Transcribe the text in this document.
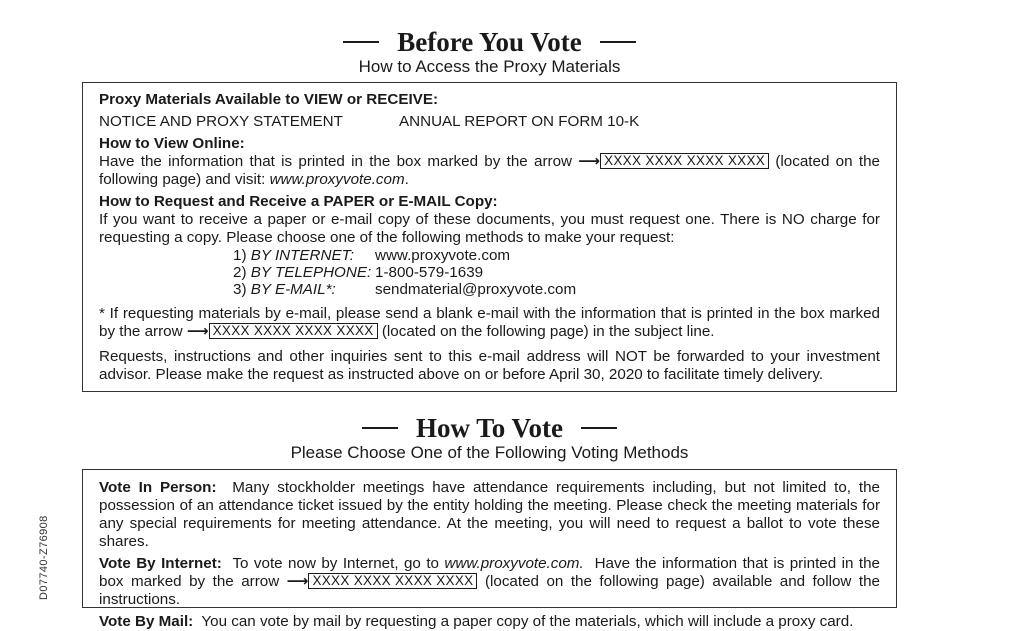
Before You Vote
How to Access the Proxy Materials

Proxy Materials Available to VIEW or RECEIVE:

NOTICE AND PROXY STATEMENT	ANNUAL REPORT ON FORM 10-K

How to View Online:

Have the information that is printed in the box marked by the arrow ⟶ XXXX XXXX XXXX XXXX (located on the following page) and visit: www.proxyvote.com.

How to Request and Receive a PAPER or E-MAIL Copy:

If you want to receive a paper or e-mail copy of these documents, you must request one. There is NO charge for requesting a copy. Please choose one of the following methods to make your request:

1) BY INTERNET:	www.proxyvote.com
2) BY TELEPHONE: 1-800-579-1639
3) BY E-MAIL*:	sendmaterial@proxyvote.com

* If requesting materials by e-mail, please send a blank e-mail with the information that is printed in the box marked by the arrow ⟶ XXXX XXXX XXXX XXXX (located on the following page) in the subject line.

Requests, instructions and other inquiries sent to this e-mail address will NOT be forwarded to your investment advisor. Please make the request as instructed above on or before April 30, 2020 to facilitate timely delivery.

How To Vote
Please Choose One of the Following Voting Methods

Vote In Person: Many stockholder meetings have attendance requirements including, but not limited to, the possession of an attendance ticket issued by the entity holding the meeting. Please check the meeting materials for any special requirements for meeting attendance. At the meeting, you will need to request a ballot to vote these shares.

Vote By Internet: To vote now by Internet, go to www.proxyvote.com. Have the information that is printed in the box marked by the arrow ⟶ XXXX XXXX XXXX XXXX (located on the following page) available and follow the instructions.

Vote By Mail: You can vote by mail by requesting a paper copy of the materials, which will include a proxy card.

D07740-Z76908
